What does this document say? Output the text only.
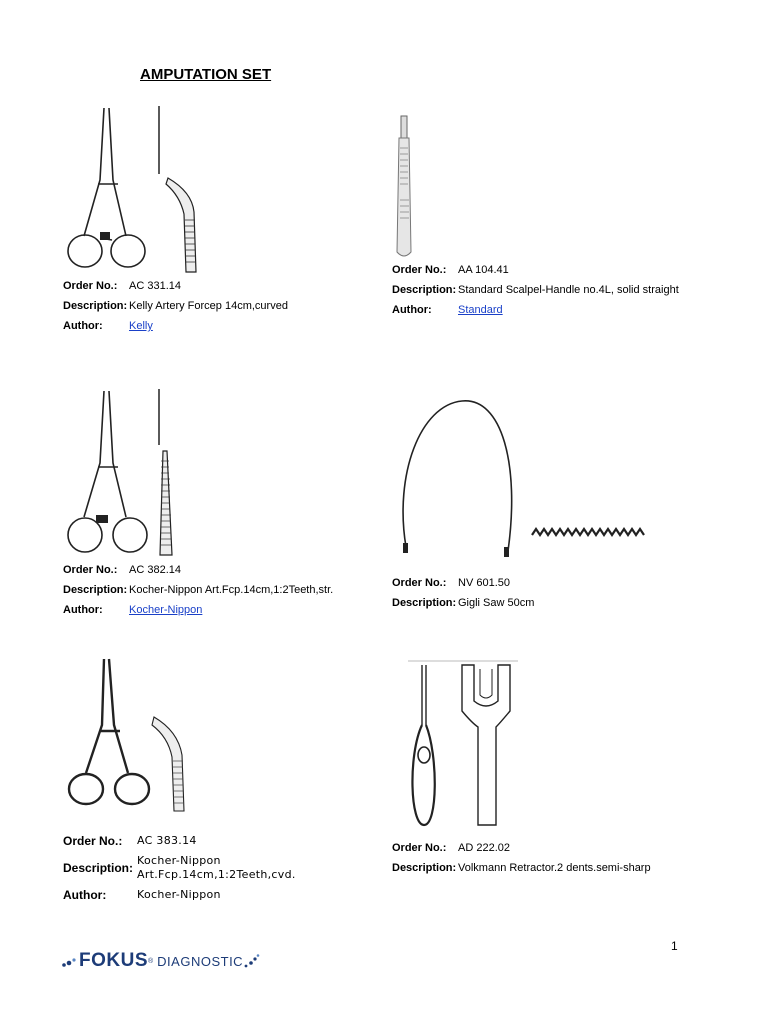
AMPUTATION SET
Order No.:	AC 331.14
Description: Kelly Artery Forcep 14cm,curved
Author:	Kelly
Order No.:	AA 104.41
Description: Standard Scalpel-Handle no.4L, solid straight
Author:	Standard
Order No.:	AC 382.14
Description: Kocher-Nippon Art.Fcp.14cm,1:2Teeth,str.
Author:	Kocher-Nippon
Order No.:	NV 601.50
Description: Gigli Saw 50cm
Order No.:	AC 383.14
Description:
Kocher-Nippon Art.Fcp.14cm,1:2Teeth,cvd.
Author:	Kocher-Nippon
Order No.:	AD 222.02
Description: Volkmann Retractor.2 dents.semi-sharp
1
FOKUS ® DIAGNOSTIC
